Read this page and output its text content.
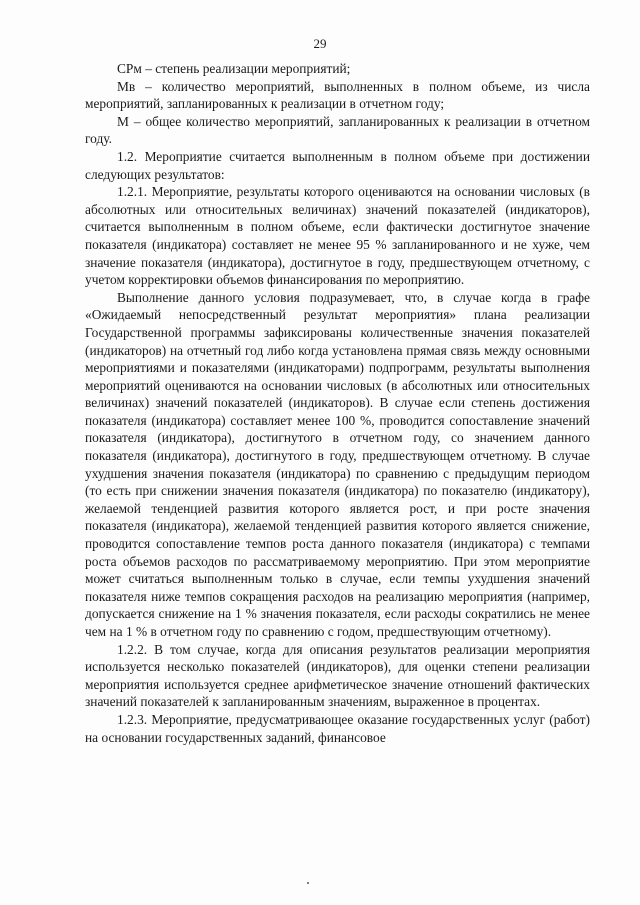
29

СРм – степень реализации мероприятий;

Мв – количество мероприятий, выполненных в полном объеме, из числа мероприятий, запланированных к реализации в отчетном году;

М – общее количество мероприятий, запланированных к реализации в отчетном году.

1.2. Мероприятие считается выполненным в полном объеме при достижении следующих результатов:

1.2.1. Мероприятие, результаты которого оцениваются на основании числовых (в абсолютных или относительных величинах) значений показателей (индикаторов), считается выполненным в полном объеме, если фактически достигнутое значение показателя (индикатора) составляет не менее 95 % запланированного и не хуже, чем значение показателя (индикатора), достигнутое в году, предшествующем отчетному, с учетом корректировки объемов финансирования по мероприятию.

Выполнение данного условия подразумевает, что, в случае когда в графе «Ожидаемый непосредственный результат мероприятия» плана реализации Государственной программы зафиксированы количественные значения показателей (индикаторов) на отчетный год либо когда установлена прямая связь между основными мероприятиями и показателями (индикаторами) подпрограмм, результаты выполнения мероприятий оцениваются на основании числовых (в абсолютных или относительных величинах) значений показателей (индикаторов). В случае если степень достижения показателя (индикатора) составляет менее 100 %, проводится сопоставление значений показателя (индикатора), достигнутого в отчетном году, со значением данного показателя (индикатора), достигнутого в году, предшествующем отчетному. В случае ухудшения значения показателя (индикатора) по сравнению с предыдущим периодом (то есть при снижении значения показателя (индикатора) по показателю (индикатору), желаемой тенденцией развития которого является рост, и при росте значения показателя (индикатора), желаемой тенденцией развития которого является снижение, проводится сопоставление темпов роста данного показателя (индикатора) с темпами роста объемов расходов по рассматриваемому мероприятию. При этом мероприятие может считаться выполненным только в случае, если темпы ухудшения значений показателя ниже темпов сокращения расходов на реализацию мероприятия (например, допускается снижение на 1 % значения показателя, если расходы сократились не менее чем на 1 % в отчетном году по сравнению с годом, предшествующим отчетному).

1.2.2. В том случае, когда для описания результатов реализации мероприятия используется несколько показателей (индикаторов), для оценки степени реализации мероприятия используется среднее арифметическое значение отношений фактических значений показателей к запланированным значениям, выраженное в процентах.

1.2.3. Мероприятие, предусматривающее оказание государственных услуг (работ) на основании государственных заданий, финансовое
